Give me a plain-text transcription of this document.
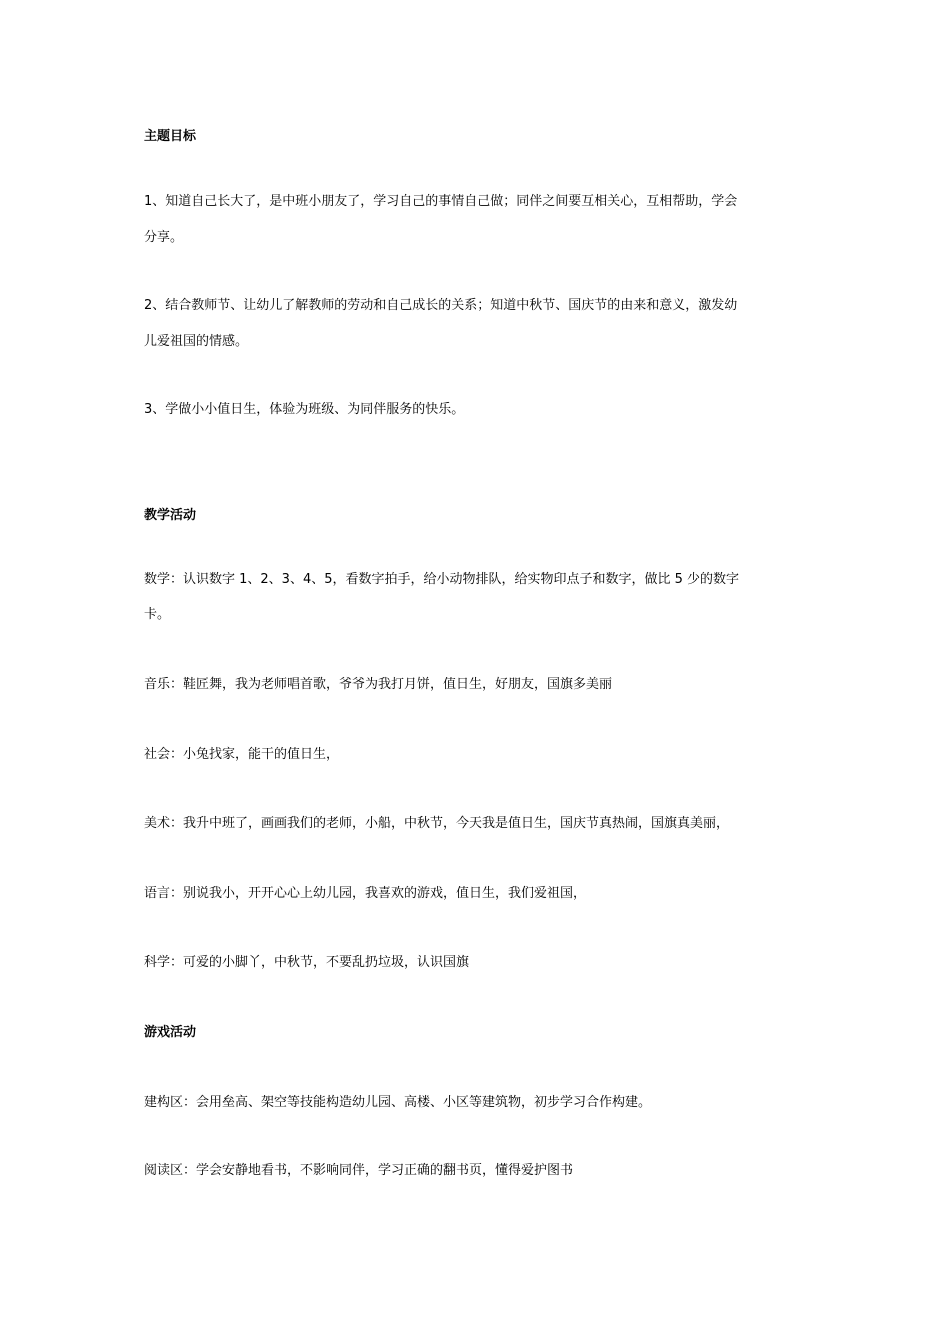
主题目标
1、知道自己长大了，是中班小朋友了，学习自己的事情自己做；同伴之间要互相关心，互相帮助，学会
分享。
2、结合教师节、让幼儿了解教师的劳动和自己成长的关系；知道中秋节、国庆节的由来和意义，激发幼
儿爱祖国的情感。
3、学做小小值日生，体验为班级、为同伴服务的快乐。
教学活动
数学：认识数字 1、2、3、4、5，看数字拍手，给小动物排队，给实物印点子和数字，做比 5 少的数字
卡。
音乐：鞋匠舞，我为老师唱首歌，爷爷为我打月饼，值日生，好朋友，国旗多美丽
社会：小兔找家，能干的值日生，
美术：我升中班了，画画我们的老师，小船，中秋节，今天我是值日生，国庆节真热闹，国旗真美丽，
语言：别说我小，开开心心上幼儿园，我喜欢的游戏，值日生，我们爱祖国，
科学：可爱的小脚丫，中秋节，不要乱扔垃圾，认识国旗
游戏活动
建构区：会用垒高、架空等技能构造幼儿园、高楼、小区等建筑物，初步学习合作构建。
阅读区：学会安静地看书，不影响同伴，学习正确的翻书页，懂得爱护图书
